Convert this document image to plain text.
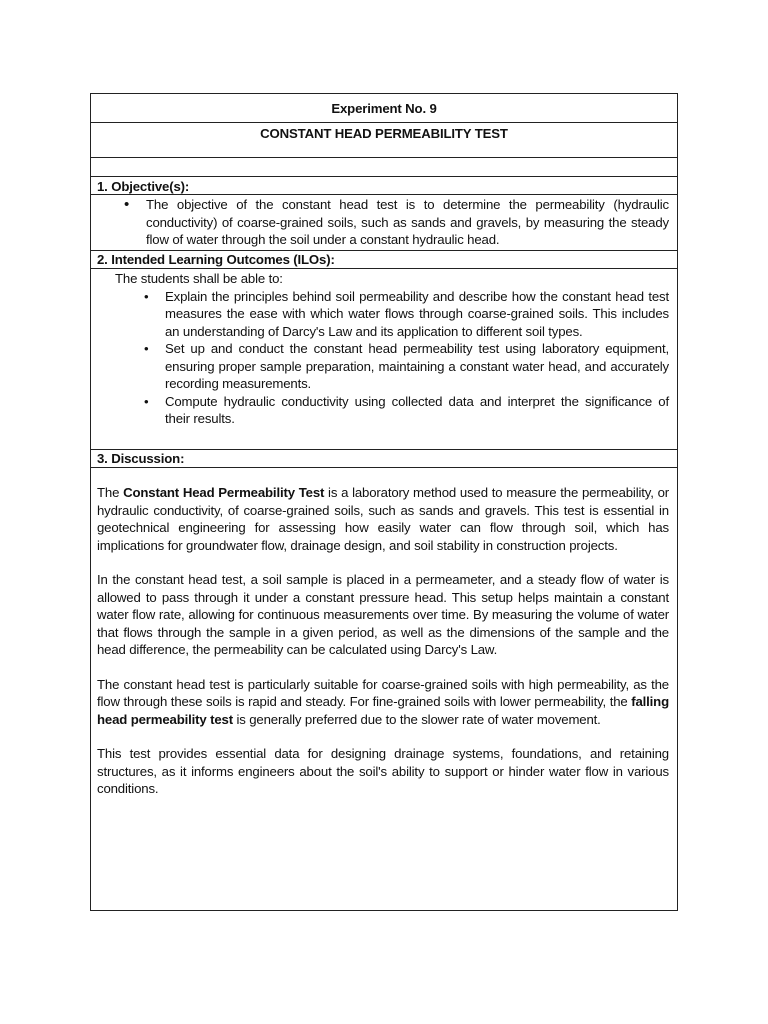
Experiment No. 9
CONSTANT HEAD PERMEABILITY TEST
1. Objective(s):
• The objective of the constant head test is to determine the permeability (hydraulic conductivity) of coarse-grained soils, such as sands and gravels, by measuring the steady flow of water through the soil under a constant hydraulic head.
2. Intended Learning Outcomes (ILOs):
The students shall be able to:
• Explain the principles behind soil permeability and describe how the constant head test measures the ease with which water flows through coarse-grained soils. This includes an understanding of Darcy's Law and its application to different soil types.
• Set up and conduct the constant head permeability test using laboratory equipment, ensuring proper sample preparation, maintaining a constant water head, and accurately recording measurements.
• Compute hydraulic conductivity using collected data and interpret the significance of their results.
3. Discussion:

The Constant Head Permeability Test is a laboratory method used to measure the permeability, or hydraulic conductivity, of coarse-grained soils, such as sands and gravels. This test is essential in geotechnical engineering for assessing how easily water can flow through soil, which has implications for groundwater flow, drainage design, and soil stability in construction projects.

In the constant head test, a soil sample is placed in a permeameter, and a steady flow of water is allowed to pass through it under a constant pressure head. This setup helps maintain a constant water flow rate, allowing for continuous measurements over time. By measuring the volume of water that flows through the sample in a given period, as well as the dimensions of the sample and the head difference, the permeability can be calculated using Darcy's Law.

The constant head test is particularly suitable for coarse-grained soils with high permeability, as the flow through these soils is rapid and steady. For fine-grained soils with lower permeability, the falling head permeability test is generally preferred due to the slower rate of water movement.

This test provides essential data for designing drainage systems, foundations, and retaining structures, as it informs engineers about the soil's ability to support or hinder water flow in various conditions.
